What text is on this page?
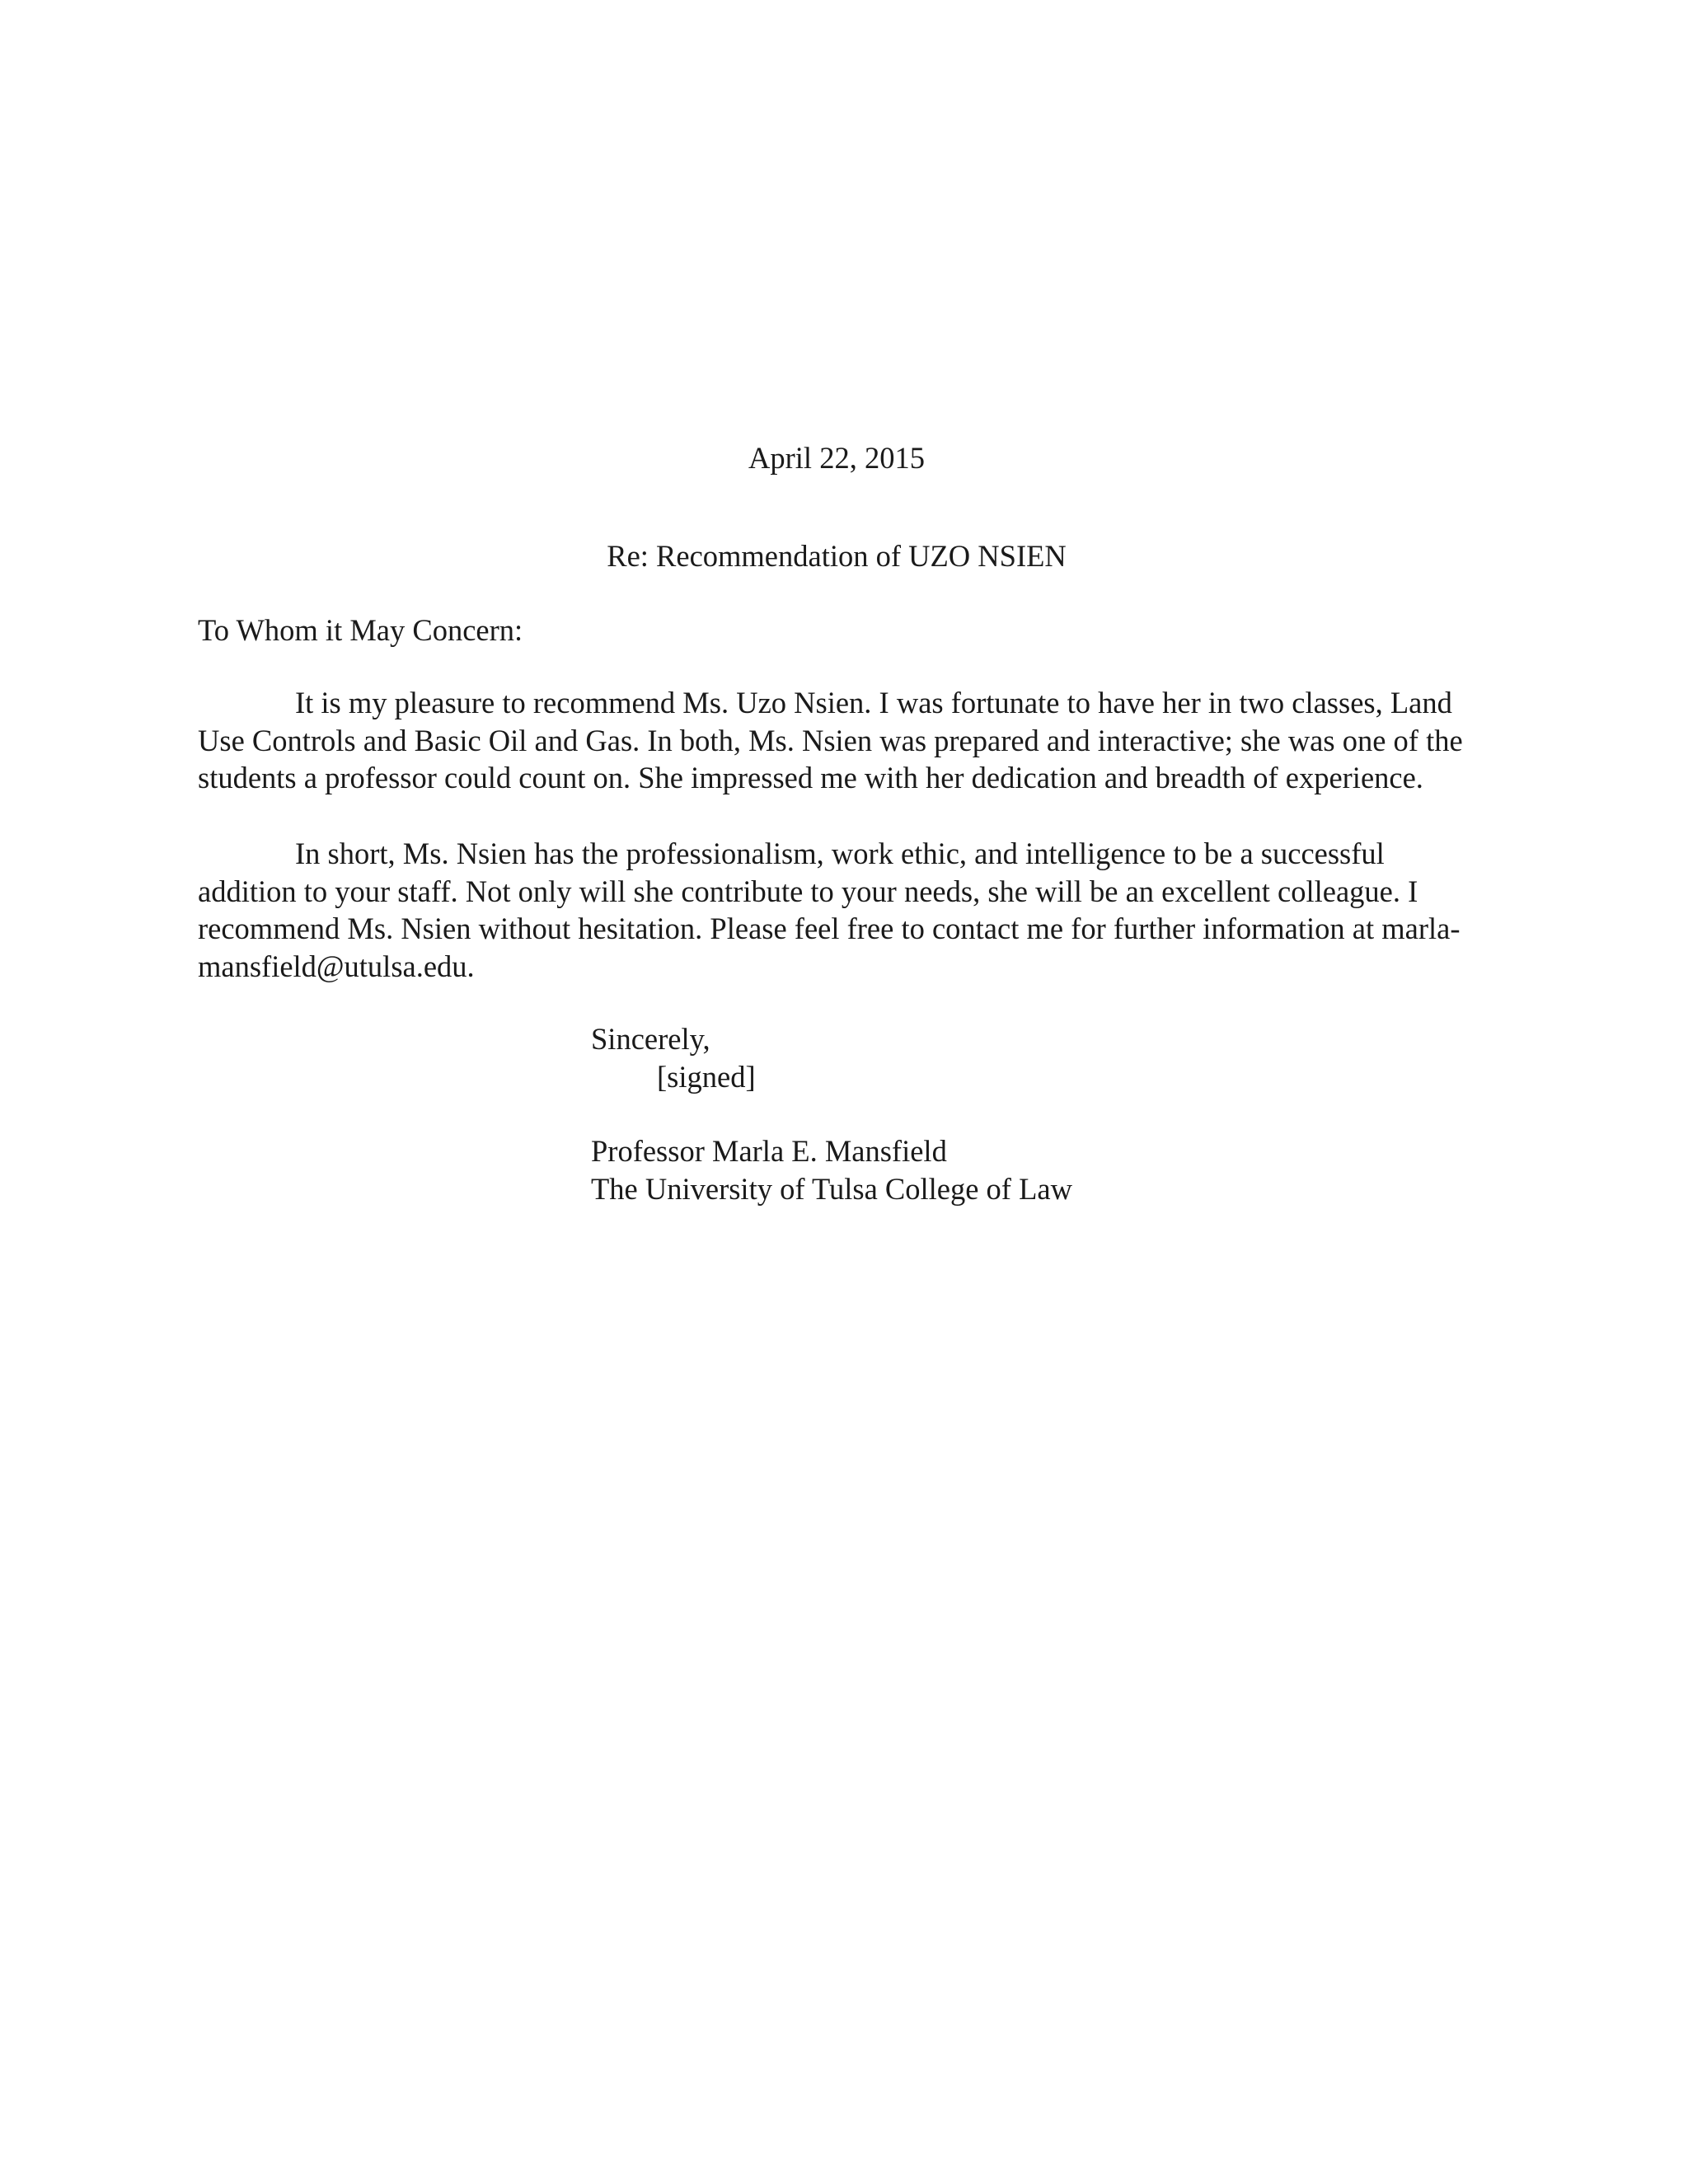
April 22, 2015
Re: Recommendation of UZO NSIEN
To Whom it May Concern:
It is my pleasure to recommend Ms. Uzo Nsien. I was fortunate to have her in two classes, Land
Use Controls and Basic Oil and Gas. In both, Ms. Nsien was prepared and interactive; she was one of the
students a professor could count on. She impressed me with her dedication and breadth of experience.
In short, Ms. Nsien has the professionalism, work ethic, and intelligence to be a successful
addition to your staff. Not only will she contribute to your needs, she will be an excellent colleague. I
recommend Ms. Nsien without hesitation. Please feel free to contact me for further information at marla-
mansfield@utulsa.edu.
Sincerely,
[signed]
Professor Marla E. Mansfield
The University of Tulsa College of Law
